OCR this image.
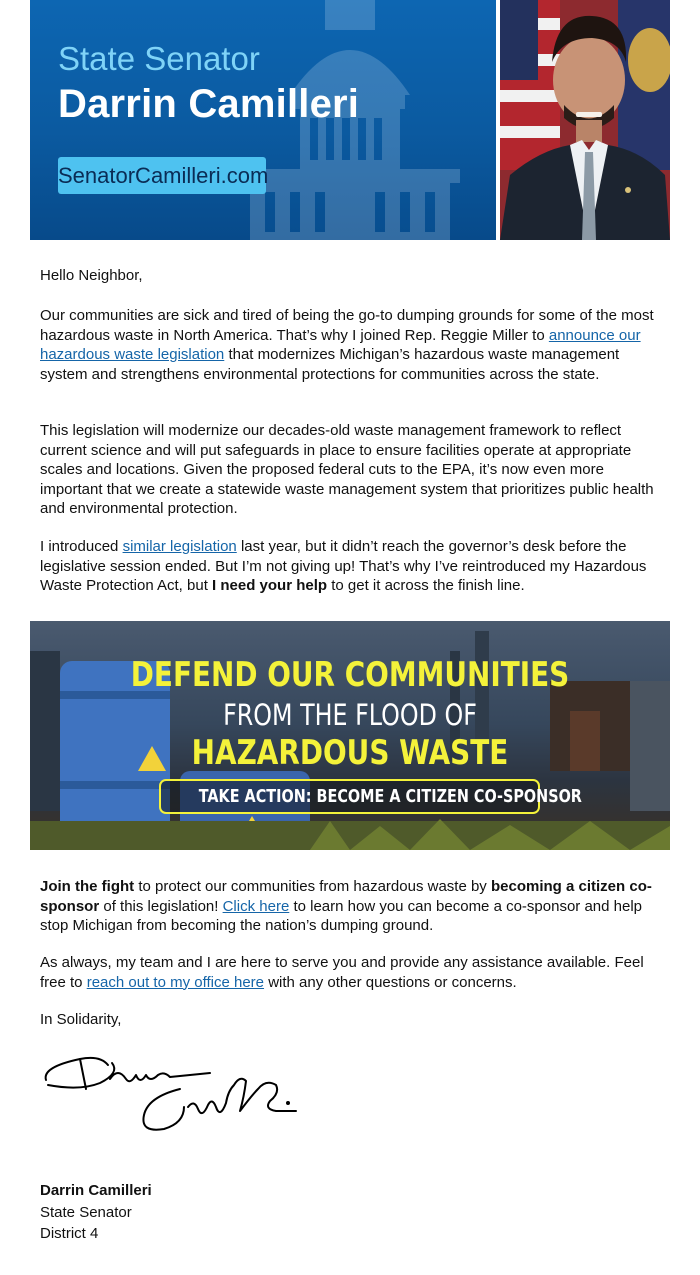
State Senator
Darrin Camilleri
SenatorCamilleri.com

Hello Neighbor,

Our communities are sick and tired of being the go-to dumping grounds for some of the most hazardous waste in North America. That’s why I joined Rep. Reggie Miller to announce our hazardous waste legislation that modernizes Michigan’s hazardous waste management system and strengthens environmental protections for communities across the state.

This legislation will modernize our decades-old waste management framework to reflect current science and will put safeguards in place to ensure facilities operate at appropriate scales and locations. Given the proposed federal cuts to the EPA, it’s now even more important that we create a statewide waste management system that prioritizes public health and environmental protection.

I introduced similar legislation last year, but it didn’t reach the governor’s desk before the legislative session ended. But I’m not giving up! That’s why I’ve reintroduced my Hazardous Waste Protection Act, but I need your help to get it across the finish line.

DEFEND OUR COMMUNITIES
FROM THE FLOOD OF
HAZARDOUS WASTE
TAKE ACTION: BECOME A CITIZEN CO-SPONSOR

Join the fight to protect our communities from hazardous waste by becoming a citizen co-sponsor of this legislation! Click here to learn how you can become a co-sponsor and help stop Michigan from becoming the nation’s dumping ground.

As always, my team and I are here to serve you and provide any assistance available. Feel free to reach out to my office here with any other questions or concerns.

In Solidarity,

Darrin Camilleri
State Senator
District 4
